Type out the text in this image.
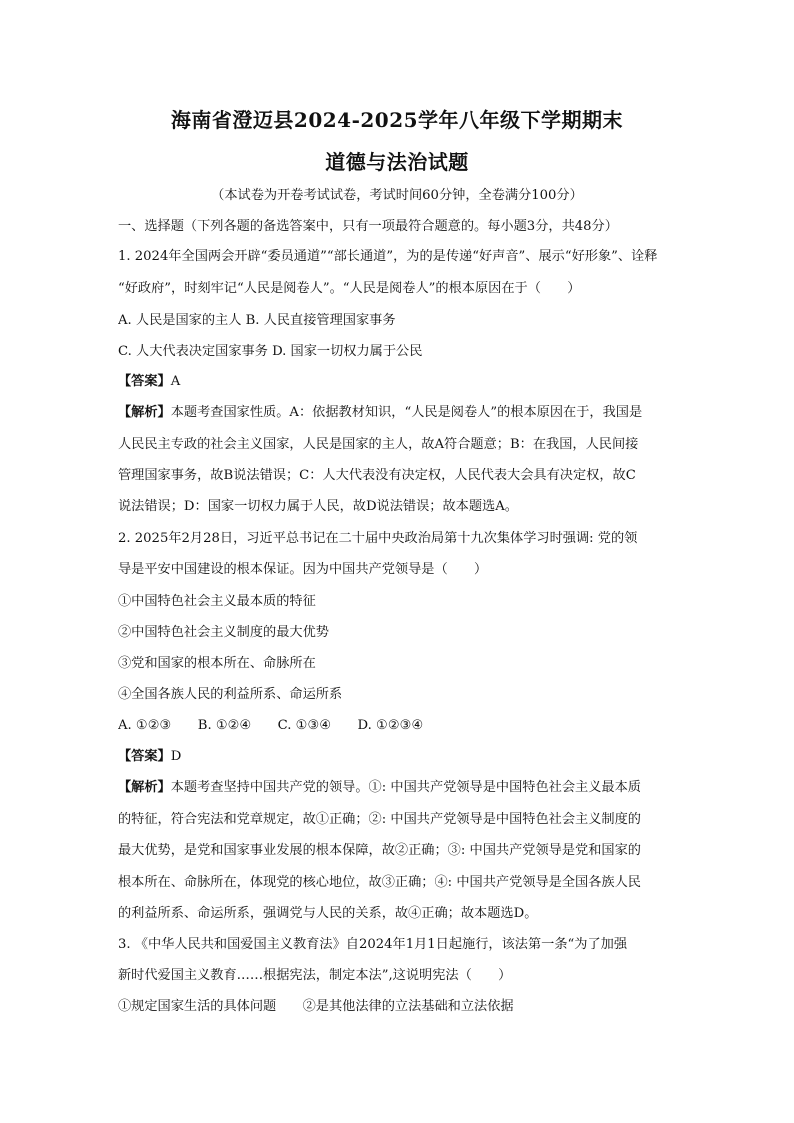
海南省澄迈县2024-2025学年八年级下学期期末
道德与法治试题
（本试卷为开卷考试试卷，考试时间60分钟，全卷满分100分）
一、选择题（下列各题的备选答案中，只有一项最符合题意的。每小题3分，共48分）
1. 2024年全国两会开辟“委员通道”“部长通道”，为的是传递“好声音”、展示“好形象”、诠释
“好政府”，时刻牢记“人民是阅卷人”。“人民是阅卷人”的根本原因在于（　　）
A. 人民是国家的主人 B. 人民直接管理国家事务
C. 人大代表决定国家事务 D. 国家一切权力属于公民
【答案】A
【解析】本题考查国家性质。A：依据教材知识，“人民是阅卷人”的根本原因在于，我国是
人民民主专政的社会主义国家，人民是国家的主人，故A符合题意；B：在我国，人民间接
管理国家事务，故B说法错误；C：人大代表没有决定权，人民代表大会具有决定权，故C
说法错误；D：国家一切权力属于人民，故D说法错误；故本题选A。
2. 2025年2月28日，习近平总书记在二十届中央政治局第十九次集体学习时强调: 党的领
导是平安中国建设的根本保证。因为中国共产党领导是（　　）
①中国特色社会主义最本质的特征
②中国特色社会主义制度的最大优势
③党和国家的根本所在、命脉所在
④全国各族人民的利益所系、命运所系
A. ①②③　　B. ①②④　　C. ①③④　　D. ①②③④
【答案】D
【解析】本题考查坚持中国共产党的领导。①: 中国共产党领导是中国特色社会主义最本质
的特征，符合宪法和党章规定，故①正确；②: 中国共产党领导是中国特色社会主义制度的
最大优势，是党和国家事业发展的根本保障，故②正确；③: 中国共产党领导是党和国家的
根本所在、命脉所在，体现党的核心地位，故③正确；④: 中国共产党领导是全国各族人民
的利益所系、命运所系，强调党与人民的关系，故④正确；故本题选D。
3. 《中华人民共和国爱国主义教育法》自2024年1月1日起施行，该法第一条“为了加强
新时代爱国主义教育……根据宪法，制定本法”,这说明宪法（　　）
①规定国家生活的具体问题　　②是其他法律的立法基础和立法依据
